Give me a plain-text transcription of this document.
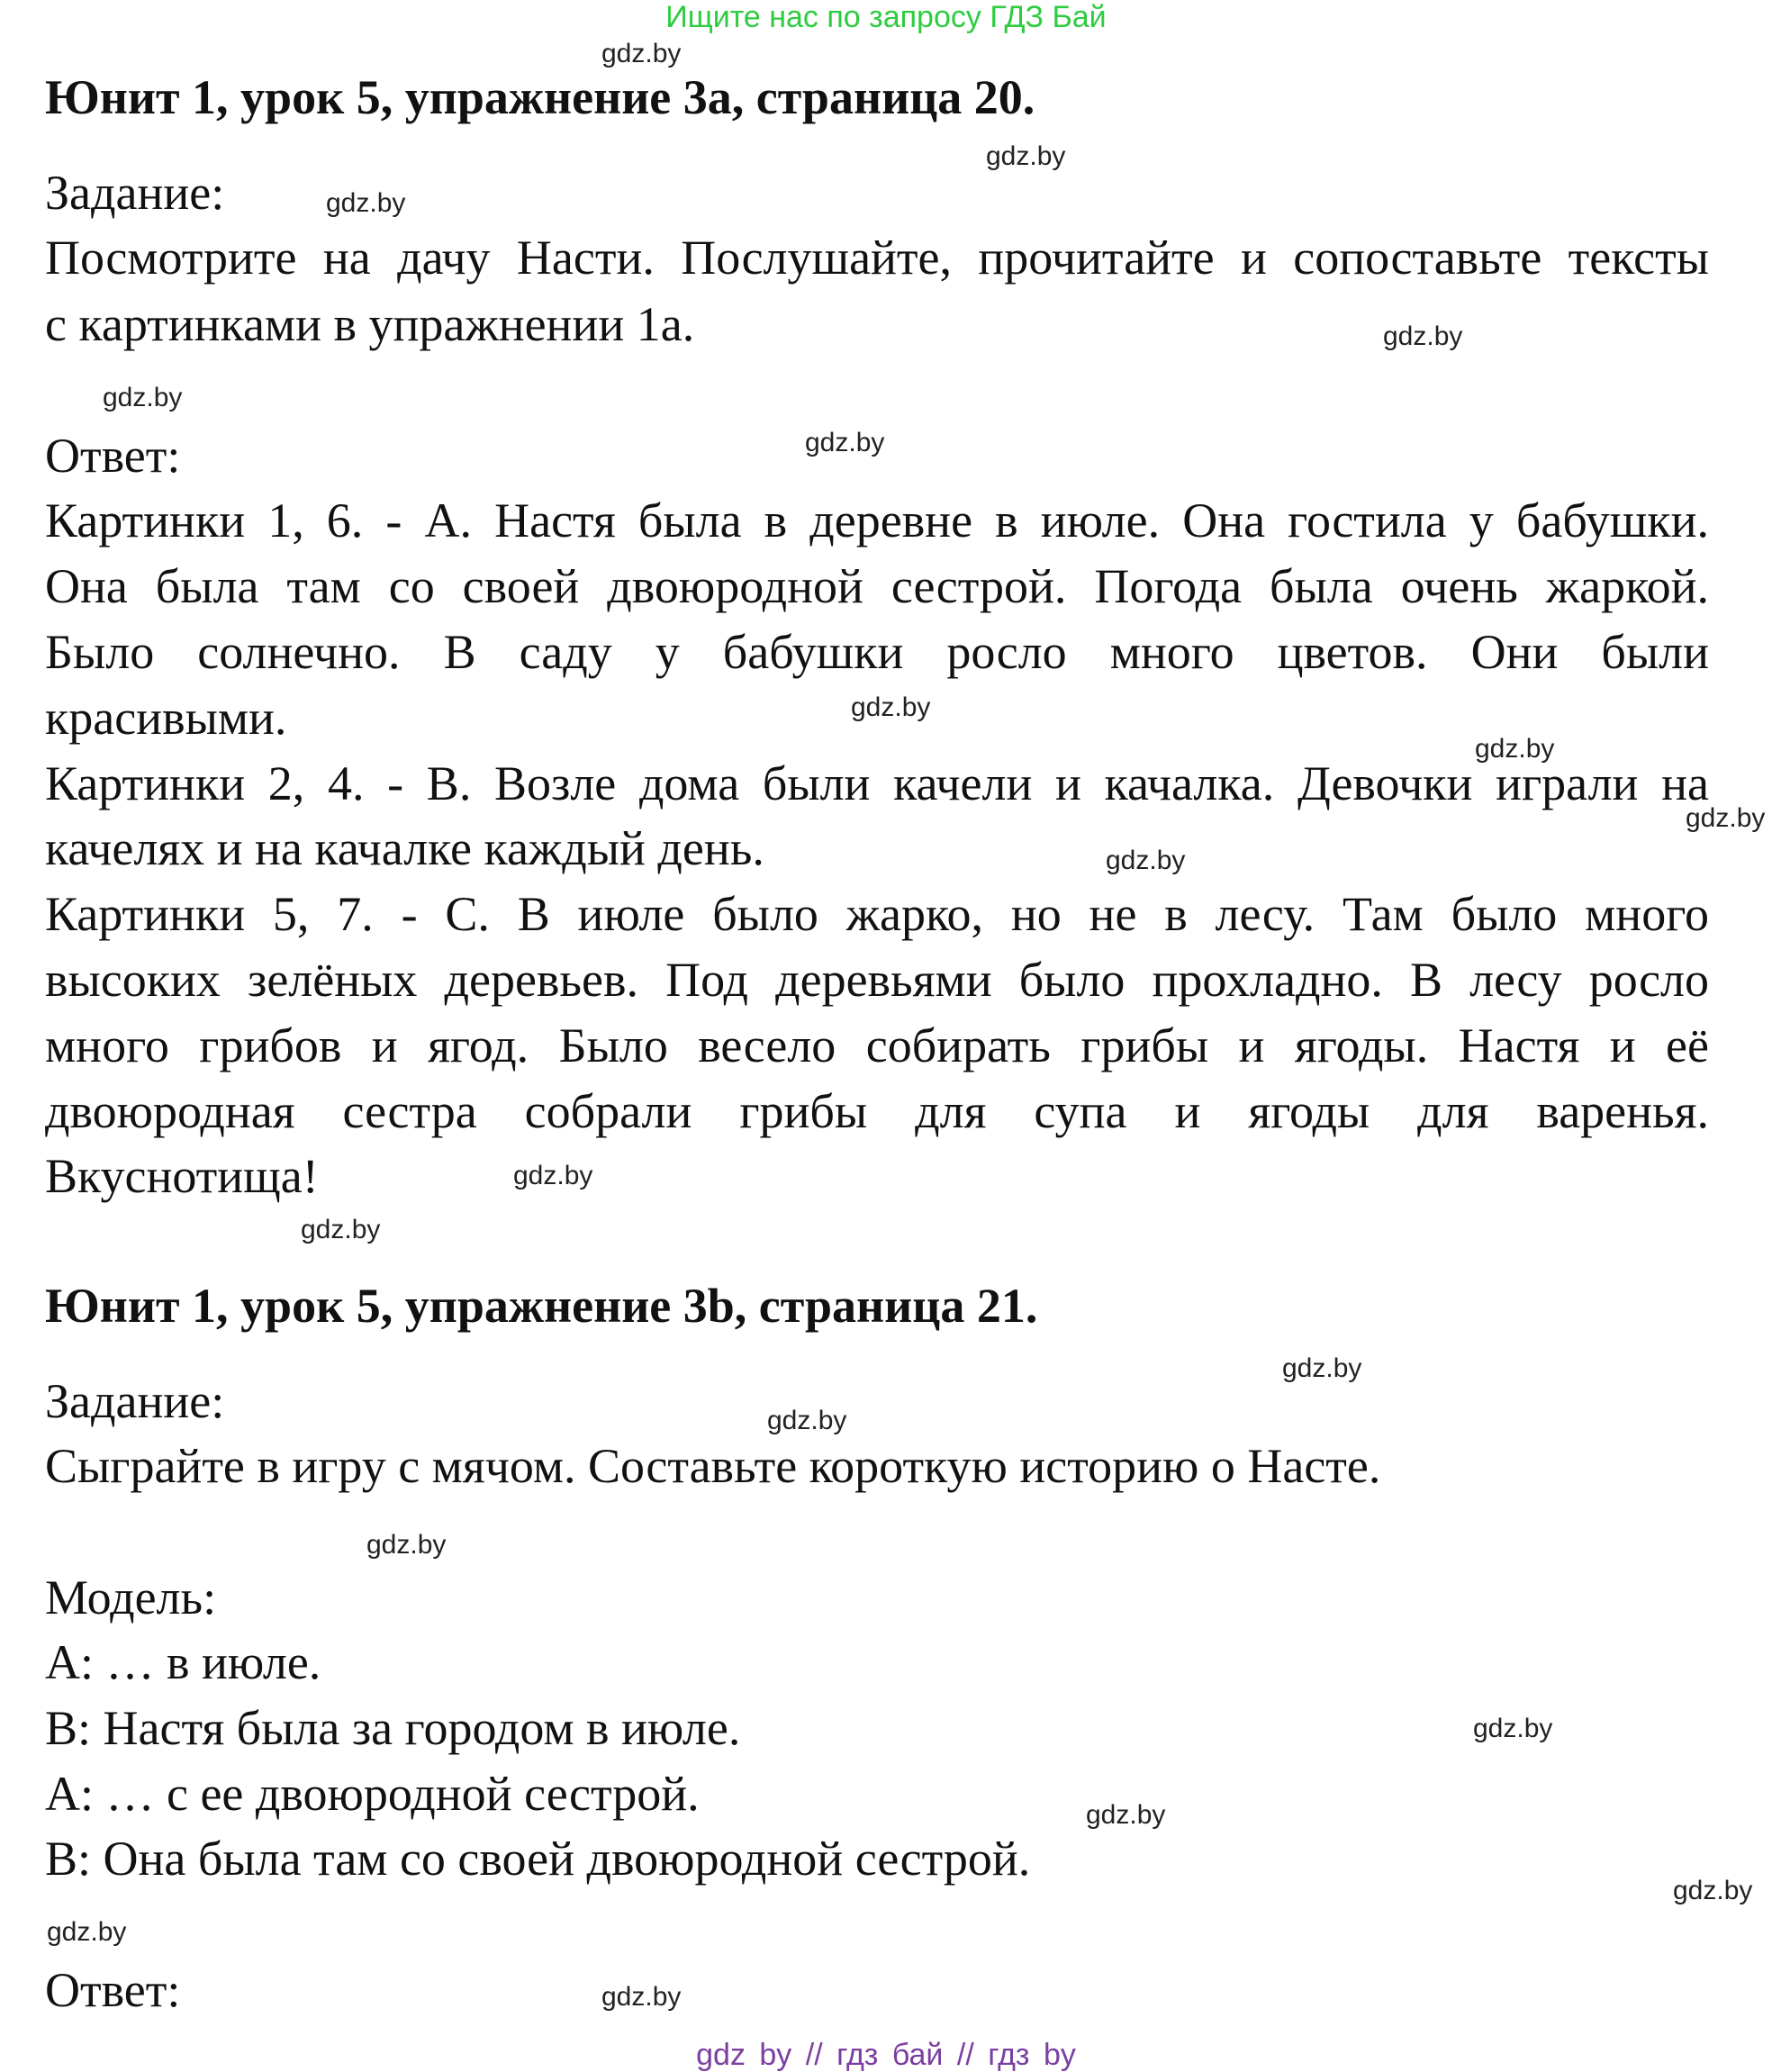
Ищите нас по запросу ГДЗ Бай
Юнит 1, урок 5, упражнение 3а, страница 20.
Задание:
Посмотрите на дачу Насти. Послушайте, прочитайте и сопоставьте тексты
с картинками в упражнении 1а.
Ответ:
Картинки 1, 6. - А. Настя была в деревне в июле. Она гостила у бабушки.
Она была там со своей двоюродной сестрой. Погода была очень жаркой.
Было солнечно. В саду у бабушки росло много цветов. Они были
красивыми.
Картинки 2, 4. - B. Возле дома были качели и качалка. Девочки играли на
качелях и на качалке каждый день.
Картинки 5, 7. - С. В июле было жарко, но не в лесу. Там было много
высоких зелёных деревьев. Под деревьями было прохладно. В лесу росло
много грибов и ягод. Было весело собирать грибы и ягоды. Настя и её
двоюродная сестра собрали грибы для супа и ягоды для варенья.
Вкуснотища!
Юнит 1, урок 5, упражнение 3b, страница 21.
Задание:
Сыграйте в игру с мячом. Составьте короткую историю о Насте.
Модель:
А: … в июле.
В: Настя была за городом в июле.
А: … с ее двоюродной сестрой.
В: Она была там со своей двоюродной сестрой.
Ответ:
gdz.by
gdz.by
gdz.by
gdz.by
gdz.by
gdz.by
gdz.by
gdz.by
gdz.by
gdz.by
gdz.by
gdz.by
gdz.by
gdz.by
gdz.by
gdz.by
gdz.by
gdz.by
gdz.by
gdz.by
gdz by // гдз бай // гдз by
